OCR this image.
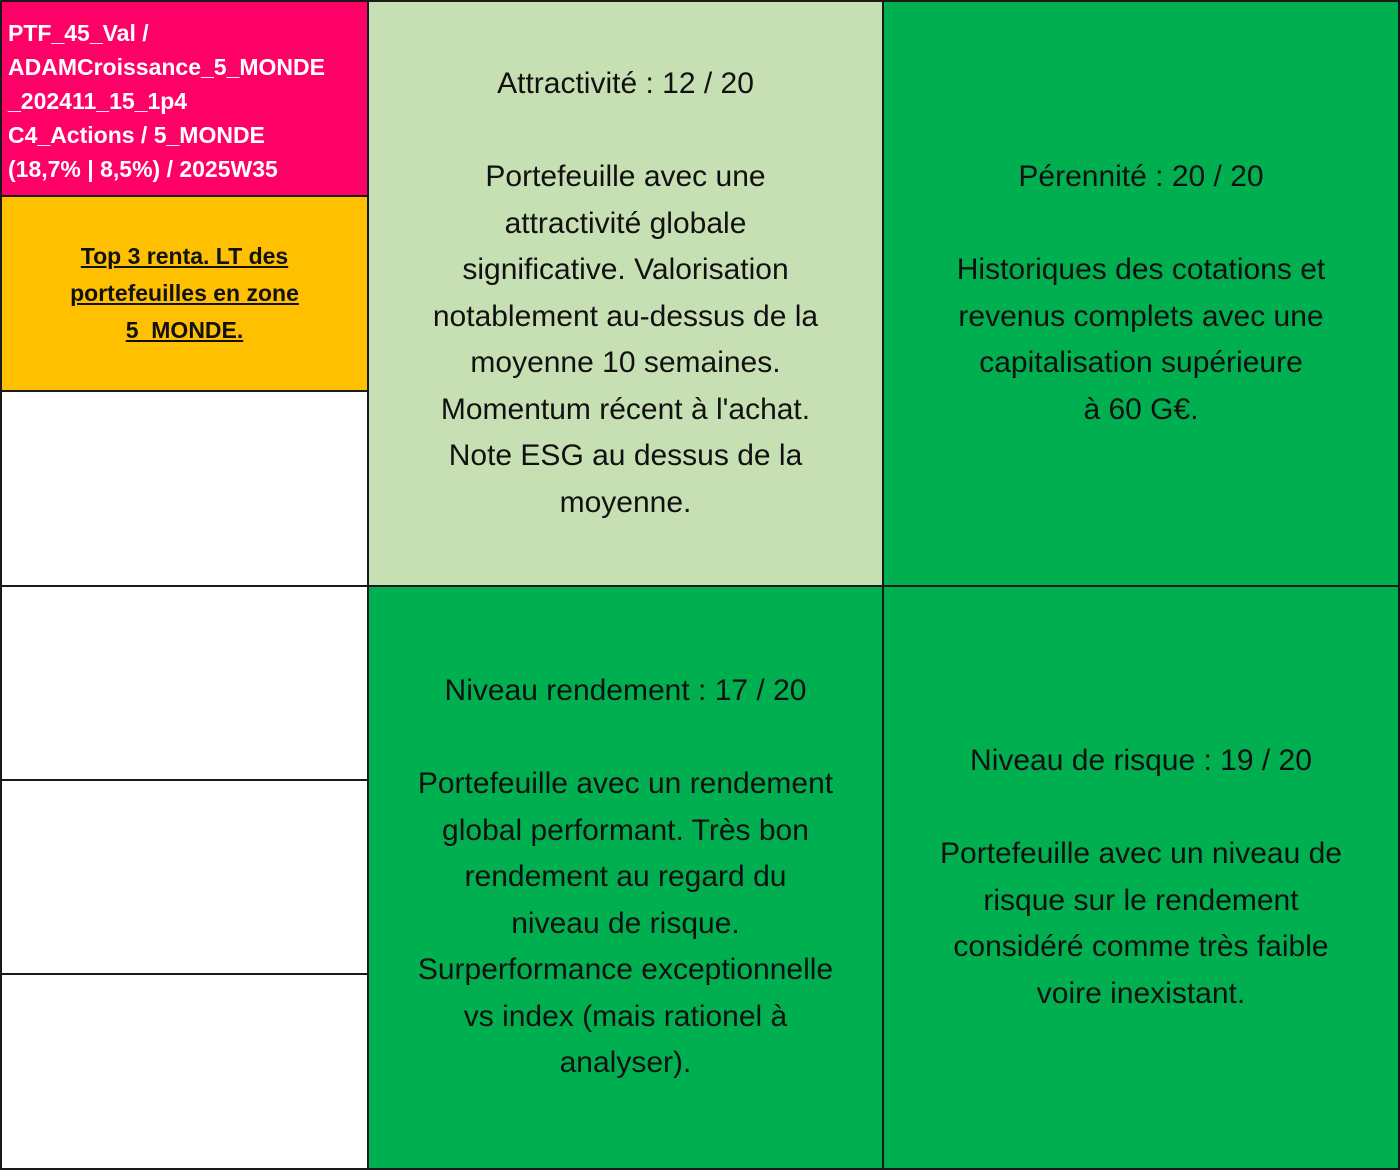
PTF_45_Val /
ADAMCroissance_5_MONDE
_202411_15_1p4
C4_Actions / 5_MONDE
(18,7% | 8,5%) / 2025W35
Top 3 renta. LT des
portefeuilles en zone
5_MONDE.
Attractivité : 12 / 20
Portefeuille avec une
attractivité globale
significative. Valorisation
notablement au-dessus de la
moyenne 10 semaines.
Momentum récent à l'achat.
Note ESG au dessus de la
moyenne.
Pérennité : 20 / 20
Historiques des cotations et
revenus complets avec une
capitalisation supérieure
à 60 G€.
Niveau rendement : 17 / 20
Portefeuille avec un rendement
global performant. Très bon
rendement au regard du
niveau de risque.
Surperformance exceptionnelle
vs index (mais rationel à
analyser).
Niveau de risque : 19 / 20
Portefeuille avec un niveau de
risque sur le rendement
considéré comme très faible
voire inexistant.
